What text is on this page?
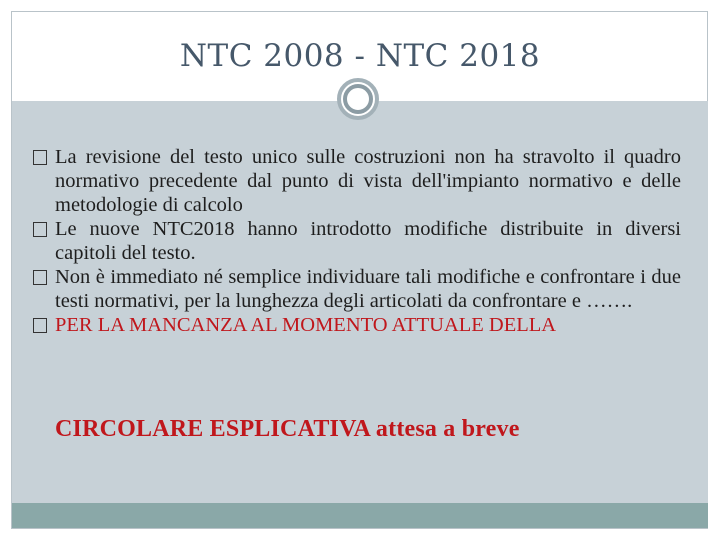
NTC 2008 - NTC 2018
La revisione del testo unico sulle costruzioni non ha stravolto il quadro normativo precedente dal punto di vista dell'impianto normativo e delle metodologie di calcolo
Le nuove NTC2018 hanno introdotto modifiche distribuite in diversi capitoli del testo.
Non è immediato né semplice individuare tali modifiche e confrontare i due testi normativi, per la lunghezza degli articolati da confrontare e …….
PER LA MANCANZA AL MOMENTO ATTUALE DELLA
CIRCOLARE ESPLICATIVA attesa a breve
